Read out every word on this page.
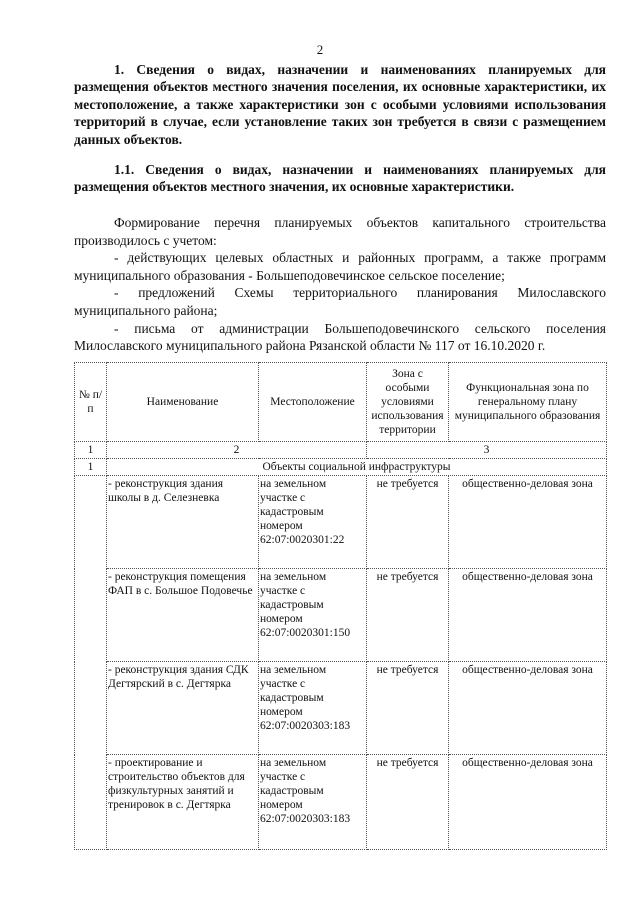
2
1. Сведения о видах, назначении и наименованиях планируемых для размещения объектов местного значения поселения, их основные характеристики, их местоположение, а также характеристики зон с особыми условиями использования территорий в случае, если установление таких зон требуется в связи с размещением данных объектов.
1.1. Сведения о видах, назначении и наименованиях планируемых для размещения объектов местного значения, их основные характеристики.

Формирование перечня планируемых объектов капитального строительства производилось с учетом:

- действующих целевых областных и районных программ, а также программ муниципального образования - Большеподовечинское сельское поселение;

- предложений Схемы территориального планирования Милославского муниципального района;

- письма от администрации Большеподовечинского сельского поселения Милославского муниципального района Рязанской области № 117 от 16.10.2020 г.

№ п/п	Наименование	Местоположение	Зона с особыми условиями использования территории	Функциональная зона по генеральному плану муниципального образования
1	2		3	
1	Объекты социальной инфраструктуры			
	- реконструкция здания школы в д. Селезневка	на земельном участке с кадастровым номером 62:07:0020301:22	не требуется	общественно-деловая зона
	- реконструкция помещения ФАП в с. Большое Подовечье	на земельном участке с кадастровым номером 62:07:0020301:150	не требуется	общественно-деловая зона
	- реконструкция здания СДК Дегтярский в с. Дегтярка	на земельном участке с кадастровым номером 62:07:0020303:183	не требуется	общественно-деловая зона
	- проектирование и строительство объектов для физкультурных занятий и тренировок в с. Дегтярка	на земельном участке с кадастровым номером 62:07:0020303:183	не требуется	общественно-деловая зона
